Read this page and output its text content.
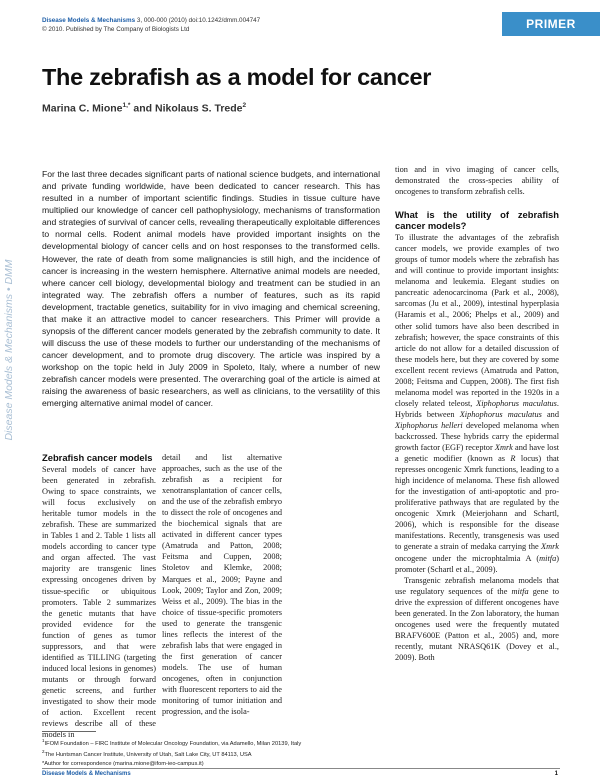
Disease Models & Mechanisms 3, 000-000 (2010) doi:10.1242/dmm.004747
© 2010. Published by The Company of Biologists Ltd	PRIMER
The zebrafish as a model for cancer
Marina C. Mione$^{1,*}$ and Nikolaus S. Trede$^2$

For the last three decades significant parts of national science budgets, and international and private funding worldwide, have been dedicated to cancer research. This has resulted in a number of important scientific findings. Studies in tissue culture have multiplied our knowledge of cancer cell pathophysiology, mechanisms of transformation and strategies of survival of cancer cells, revealing therapeutically exploitable differences to normal cells. Rodent animal models have provided important insights on the developmental biology of cancer cells and on host responses to the transformed cells. However, the rate of death from some malignancies is still high, and the incidence of cancer is increasing in the western hemisphere. Alternative animal models are needed, where cancer cell biology, developmental biology and treatment can be studied in an integrated way. The zebrafish offers a number of features, such as its rapid development, tractable genetics, suitability for in vivo imaging and chemical screening, that make it an attractive model to cancer researchers. This Primer will provide a synopsis of the different cancer models generated by the zebrafish community to date. It will discuss the use of these models to further our understanding of the mechanisms of cancer development, and to promote drug discovery. The article was inspired by a workshop on the topic held in July 2009 in Spoleto, Italy, where a number of new zebrafish cancer models were presented. The overarching goal of the article is aimed at raising the awareness of basic researchers, as well as clinicians, to the versatility of this emerging alternative animal model of cancer.

Disease Models & Mechanisms • DMM
Zebrafish cancer models
Several models of cancer have been generated in zebrafish. Owing to space constraints, we will focus exclusively on heritable tumor models in the zebrafish. These are summarized in Tables 1 and 2. Table 1 lists all models according to cancer type and organ affected. The vast majority are transgenic lines expressing oncogenes driven by tissue-specific or ubiquitous promoters. Table 2 summarizes the genetic mutants that have provided evidence for the function of genes as tumor suppressors, and that were identified as TILLING (targeting induced local lesions in genomes) mutants or through forward genetic screens, and further investigated to show their mode of action. Excellent recent reviews describe all of these models in
detail and list alternative approaches, such as the use of the zebrafish as a recipient for xenotransplantation of cancer cells, and the use of the zebrafish embryo to dissect the role of oncogenes and the biochemical signals that are activated in different cancer types (Amatruda and Patton, 2008; Feitsma and Cuppen, 2008; Stoletov and Klemke, 2008; Marques et al., 2009; Payne and Look, 2009; Taylor and Zon, 2009; Weiss et al., 2009). The bias in the choice of tissue-specific promoters used to generate the transgenic lines reflects the interest of the zebrafish labs that were engaged in the first generation of cancer models. The use of human oncogenes, often in conjunction with fluorescent reporters to aid the monitoring of tumor initiation and progression, and the isola-
tion and in vivo imaging of cancer cells, demonstrated the cross-species ability of oncogenes to transform zebrafish cells.
What is the utility of zebrafish cancer models?
To illustrate the advantages of the zebrafish cancer models, we provide examples of two groups of tumor models where the zebrafish has and will continue to provide important insights: melanoma and leukemia. Elegant studies on pancreatic adenocarcinoma (Park et al., 2008), sarcomas (Ju et al., 2009), intestinal hyperplasia (Haramis et al., 2006; Phelps et al., 2009) and other solid tumors have also been described in zebrafish; however, the space constraints of this article do not allow for a detailed discussion of these models here, but they are covered by some excellent recent reviews (Amatruda and Patton, 2008; Feitsma and Cuppen, 2008). The first fish melanoma model was reported in the 1920s in a closely related teleost, Xiphophorus maculatus. Hybrids between Xiphophorus maculatus and Xiphophorus helleri developed melanoma when backcrossed. These hybrids carry the epidermal growth factor (EGF) receptor Xmrk and have lost a genetic modifier (known as R locus) that represses oncogenic Xmrk functions, leading to a high incidence of melanoma. These fish allowed for the investigation of anti-apoptotic and pro-proliferative pathways that are regulated by the oncogenic Xmrk (Meierjohann and Schartl, 2006), which is responsible for the disease manifestations. Recently, transgenesis was used to generate a strain of medaka carrying the Xmrk oncogene under the microphtalmia A (mitfa) promoter (Schartl et al., 2009).
Transgenic zebrafish melanoma models that use regulatory sequences of the mitfa gene to drive the expression of different oncogenes have been generated. In the Zon laboratory, the human oncogenes used were the frequently mutated BRAFV600E (Patton et al., 2005) and, more recently, mutant NRASQ61K (Dovey et al., 2009). Both
$^1$IFOM Foundation – FIRC Institute of Molecular Oncology Foundation, via Adamello, Milan 20139, Italy
$^2$The Huntsman Cancer Institute, University of Utah, Salt Lake City, UT 84113, USA
*Author for correspondence (marina.mione@ifom-ieo-campus.it)
Disease Models & Mechanisms	1
